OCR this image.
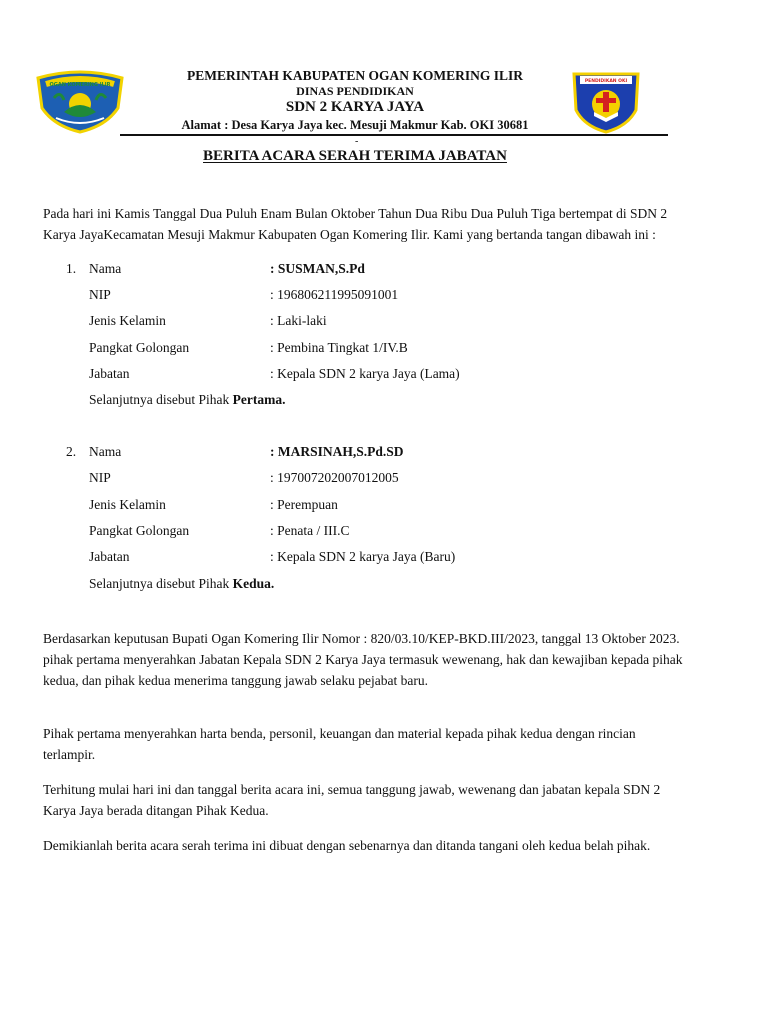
OGAN KOMERING ILIR
PENDIDIKAN OKI
PEMERINTAH KABUPATEN OGAN KOMERING ILIR
DINAS PENDIDIKAN
SDN 2 KARYA JAYA
Alamat : Desa Karya Jaya kec. Mesuji Makmur Kab. OKI 30681
-
BERITA ACARA SERAH TERIMA JABATAN

Pada hari ini Kamis Tanggal Dua Puluh Enam Bulan Oktober Tahun Dua Ribu Dua Puluh Tiga bertempat di SDN 2 Karya JayaKecamatan Mesuji Makmur Kabupaten Ogan Komering Ilir. Kami yang bertanda tangan dibawah ini :

1. Nama	: SUSMAN,S.Pd
NIP	: 196806211995091001
Jenis Kelamin	: Laki-laki
Pangkat Golongan	: Pembina Tingkat 1/IV.B
Jabatan	: Kepala SDN 2 karya Jaya (Lama)
Selanjutnya disebut Pihak Pertama.
2. Nama	: MARSINAH,S.Pd.SD
NIP	: 197007202007012005
Jenis Kelamin	: Perempuan
Pangkat Golongan	: Penata / III.C
Jabatan	: Kepala SDN 2 karya Jaya (Baru)
Selanjutnya disebut Pihak Kedua.

Berdasarkan keputusan Bupati Ogan Komering Ilir Nomor : 820/03.10/KEP-BKD.III/2023, tanggal 13 Oktober 2023. pihak pertama menyerahkan Jabatan Kepala SDN 2 Karya Jaya termasuk wewenang, hak dan kewajiban kepada pihak kedua, dan pihak kedua menerima tanggung jawab selaku pejabat baru.

Pihak pertama menyerahkan harta benda, personil, keuangan dan material kepada pihak kedua dengan rincian terlampir.

Terhitung mulai hari ini dan tanggal berita acara ini, semua tanggung jawab, wewenang dan jabatan kepala SDN 2 Karya Jaya berada ditangan Pihak Kedua.

Demikianlah berita acara serah terima ini dibuat dengan sebenarnya dan ditanda tangani oleh kedua belah pihak.
